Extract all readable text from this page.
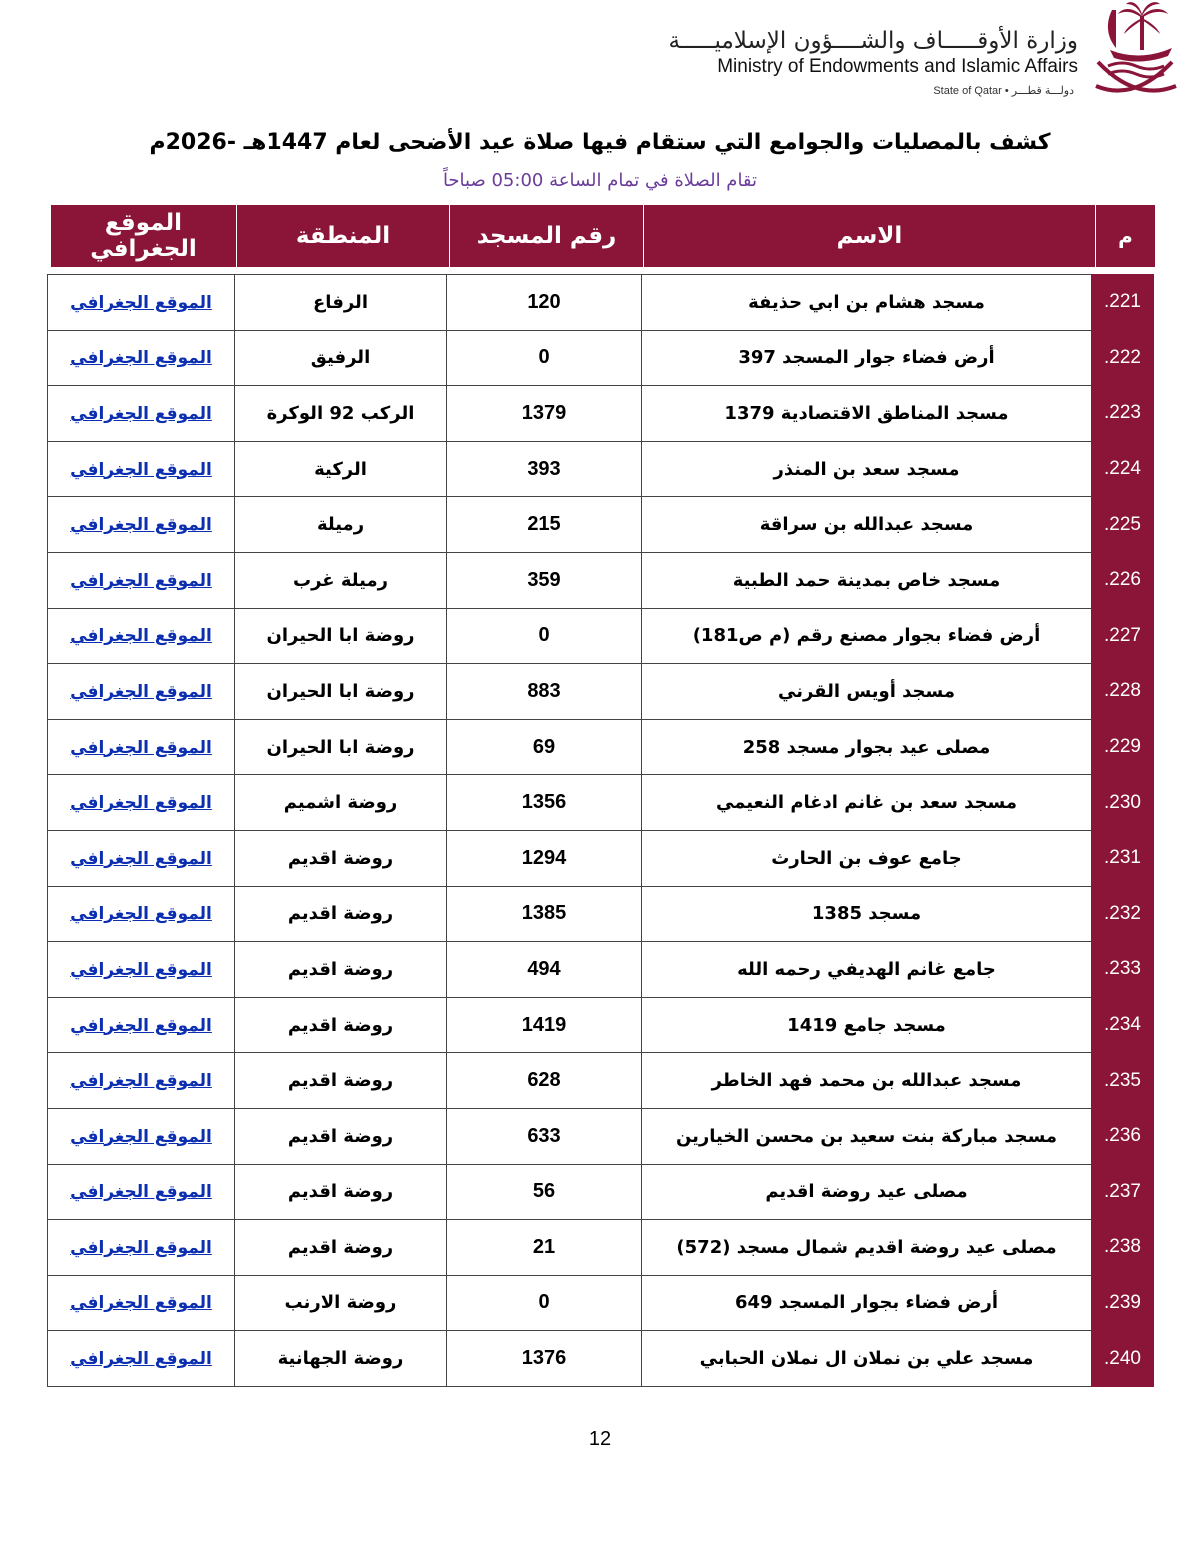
وزارة الأوقـــــاف والشــــؤون الإسلاميـــــة
Ministry of Endowments and Islamic Affairs
State of Qatar • دولـــة قطـــر
كشف بالمصليات والجوامع التي ستقام فيها صلاة عيد الأضحى لعام 1447هـ -2026م
تقام الصلاة في تمام الساعة 05:00 صباحاً
م	الاسم	رقم المسجد	المنطقة	الموقع الجغرافي
221.	مسجد هشام بن ابي حذيفة	120	الرفاع	الموقع الجغرافي
222.	أرض فضاء جوار المسجد 397	0	الرفيق	الموقع الجغرافي
223.	مسجد المناطق الاقتصادية 1379	1379	الركب 92 الوكرة	الموقع الجغرافي
224.	مسجد سعد بن المنذر	393	الركية	الموقع الجغرافي
225.	مسجد عبدالله بن سراقة	215	رميلة	الموقع الجغرافي
226.	مسجد خاص بمدينة حمد الطبية	359	رميلة غرب	الموقع الجغرافي
227.	أرض فضاء بجوار مصنع رقم (م ص181)	0	روضة ابا الحيران	الموقع الجغرافي
228.	مسجد أويس القرني	883	روضة ابا الحيران	الموقع الجغرافي
229.	مصلى عيد بجوار مسجد 258	69	روضة ابا الحيران	الموقع الجغرافي
230.	مسجد سعد بن غانم ادغام النعيمي	1356	روضة اشميم	الموقع الجغرافي
231.	جامع عوف بن الحارث	1294	روضة اقديم	الموقع الجغرافي
232.	مسجد 1385	1385	روضة اقديم	الموقع الجغرافي
233.	جامع غانم الهديفي رحمه الله	494	روضة اقديم	الموقع الجغرافي
234.	مسجد جامع 1419	1419	روضة اقديم	الموقع الجغرافي
235.	مسجد عبدالله بن محمد فهد الخاطر	628	روضة اقديم	الموقع الجغرافي
236.	مسجد مباركة بنت سعيد بن محسن الخيارين	633	روضة اقديم	الموقع الجغرافي
237.	مصلى عيد روضة اقديم	56	روضة اقديم	الموقع الجغرافي
238.	مصلى عيد روضة اقديم شمال مسجد (572)	21	روضة اقديم	الموقع الجغرافي
239.	أرض فضاء بجوار المسجد 649	0	روضة الارنب	الموقع الجغرافي
240.	مسجد علي بن نملان ال نملان الحبابي	1376	روضة الجهانية	الموقع الجغرافي
12
